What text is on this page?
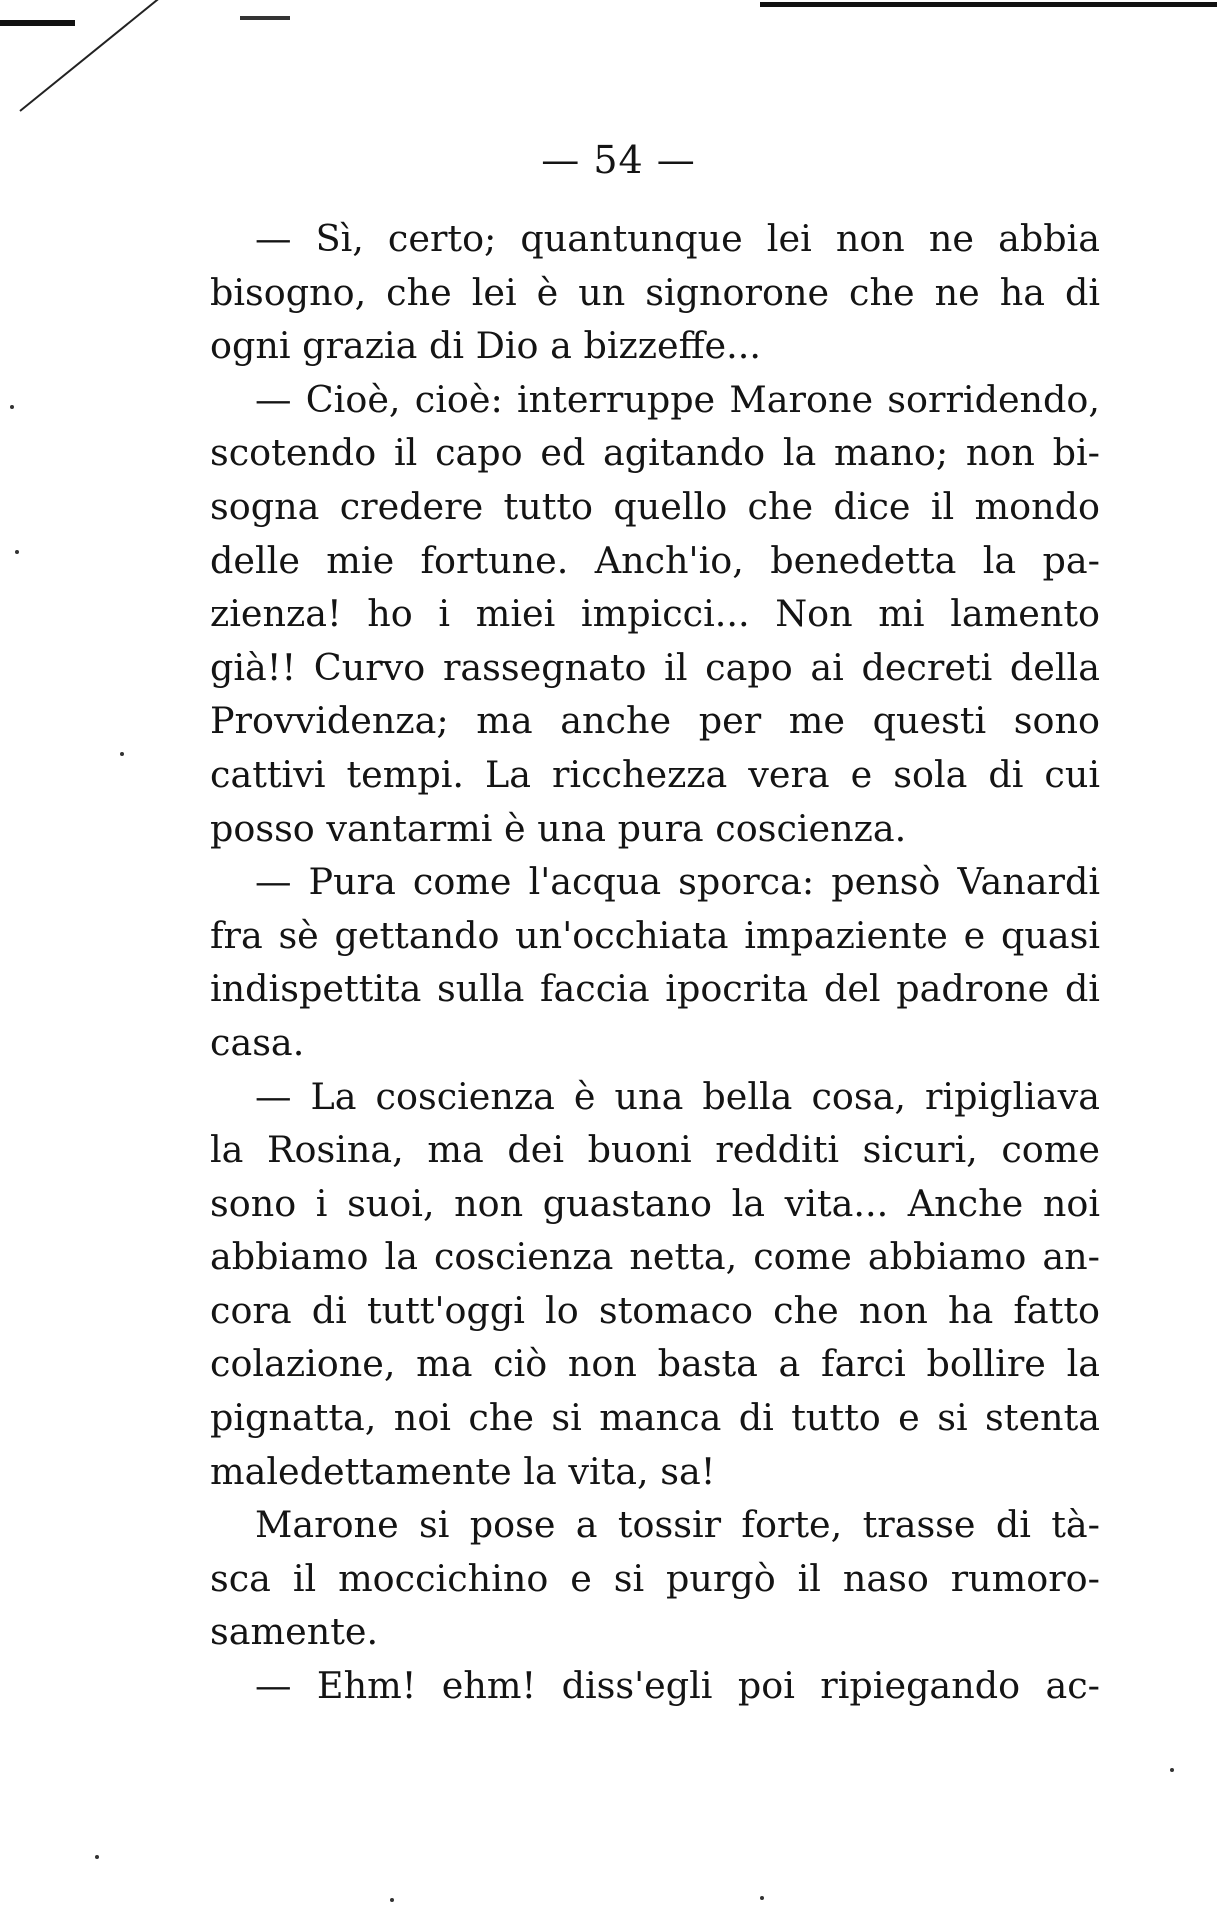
— 54 —
— Sì, certo; quantunque lei non ne abbia
bisogno, che lei è un signorone che ne ha di
ogni grazia di Dio a bizzeffe...
— Cioè, cioè: interruppe Marone sorridendo,
scotendo il capo ed agitando la mano; non bi-
sogna credere tutto quello che dice il mondo
delle mie fortune. Anch'io, benedetta la pa-
zienza! ho i miei impicci... Non mi lamento
già!! Curvo rassegnato il capo ai decreti della
Provvidenza; ma anche per me questi sono
cattivi tempi. La ricchezza vera e sola di cui
posso vantarmi è una pura coscienza.
— Pura come l'acqua sporca: pensò Vanardi
fra sè gettando un'occhiata impaziente e quasi
indispettita sulla faccia ipocrita del padrone di
casa.
— La coscienza è una bella cosa, ripigliava
la Rosina, ma dei buoni redditi sicuri, come
sono i suoi, non guastano la vita... Anche noi
abbiamo la coscienza netta, come abbiamo an-
cora di tutt'oggi lo stomaco che non ha fatto
colazione, ma ciò non basta a farci bollire la
pignatta, noi che si manca di tutto e si stenta
maledettamente la vita, sa!
Marone si pose a tossir forte, trasse di tà-
sca il moccichino e si purgò il naso rumoro-
samente.
— Ehm! ehm! diss'egli poi ripiegando ac-
